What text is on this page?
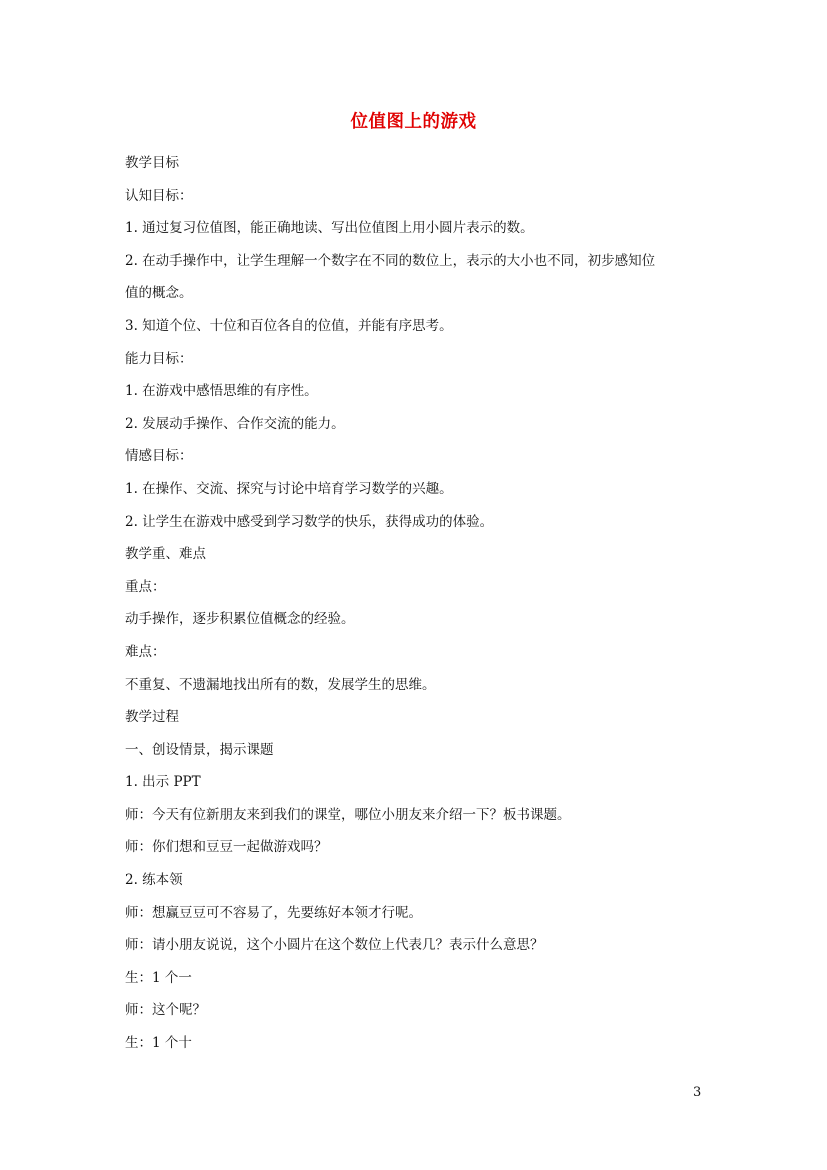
位值图上的游戏
教学目标
认知目标：
1. 通过复习位值图，能正确地读、写出位值图上用小圆片表示的数。
2. 在动手操作中，让学生理解一个数字在不同的数位上，表示的大小也不同，初步感知位
值的概念。
3. 知道个位、十位和百位各自的位值，并能有序思考。
能力目标：
1. 在游戏中感悟思维的有序性。
2. 发展动手操作、合作交流的能力。
情感目标：
1. 在操作、交流、探究与讨论中培育学习数学的兴趣。
2. 让学生在游戏中感受到学习数学的快乐，获得成功的体验。
教学重、难点
重点：
动手操作，逐步积累位值概念的经验。
难点：
不重复、不遗漏地找出所有的数，发展学生的思维。
教学过程
一、创设情景，揭示课题
1. 出示 PPT
师：今天有位新朋友来到我们的课堂，哪位小朋友来介绍一下？板书课题。
师：你们想和豆豆一起做游戏吗？
2. 练本领
师：想赢豆豆可不容易了，先要练好本领才行呢。
师：请小朋友说说，这个小圆片在这个数位上代表几？表示什么意思？
生：1 个一
师：这个呢？
生：1 个十
3
